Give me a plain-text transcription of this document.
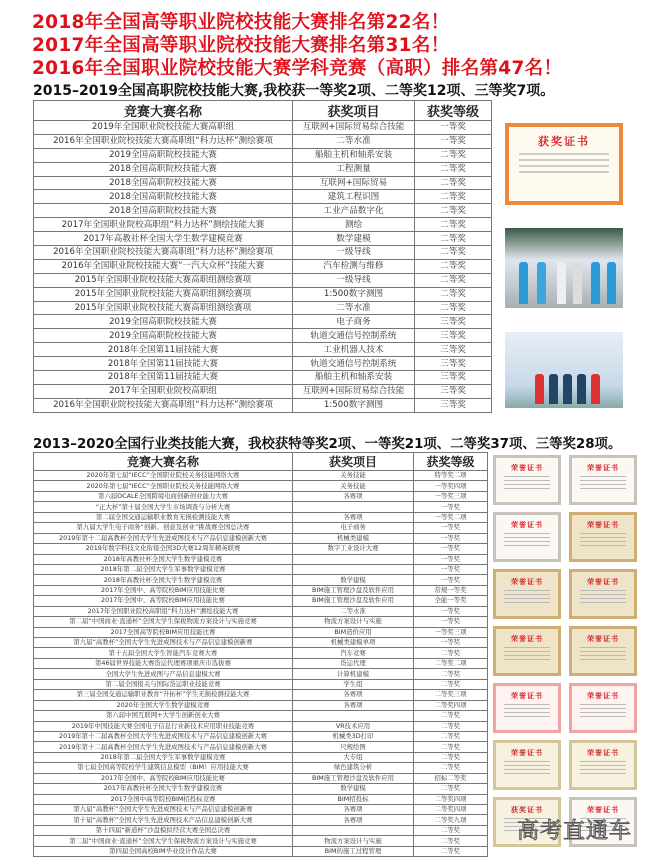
2018年全国高等职业院校技能大赛排名第22名！
2017年全国高等职业院校技能大赛排名第31名！
2016年全国职业院校技能大赛学科竞赛（高职）排名第47名！
2015–2019全国高职院校技能大赛,我校获一等奖2项、二等奖12项、三等奖7项。
竞赛大赛名称	获奖项目	获奖等级
2019年全国职业院校技能大赛高职组	互联网+国际贸易综合技能	一等奖
2016年全国职业院校技能大赛高职组“科力达杯”测绘赛项	二等水准	一等奖
2019全国高职院校技能大赛	船舶主机和轴系安装	二等奖
2018全国高职院校技能大赛	工程测量	二等奖
2018全国高职院校技能大赛	互联网+国际贸易	二等奖
2018全国高职院校技能大赛	建筑工程识图	二等奖
2018全国高职院校技能大赛	工业产品数字化	二等奖
2017年全国职业院校高职组“科力达杯”测绘技能大赛	测绘	二等奖
2017年高教社杯全国大学生数学建模竞赛	数学建模	二等奖
2016年全国职业院校技能大赛高职组“科力达杯”测绘赛项	一级导线	二等奖
2016年全国职业院校技能大赛“一汽大众杯”技能大赛	汽车检测与维修	二等奖
2015年全国职业院校技能大赛高职组测绘赛项	一级导线	二等奖
2015年全国职业院校技能大赛高职组测绘赛项	1:500数字测图	二等奖
2015年全国职业院校技能大赛高职组测绘赛项	二等水准	二等奖
2019全国高职院校技能大赛	电子商务	三等奖
2019全国高职院校技能大赛	轨道交通信号控制系统	三等奖
2018年全国第11届技能大赛	工业机器人技术	三等奖
2018年全国第11届技能大赛	轨道交通信号控制系统	三等奖
2018年全国第11届技能大赛	船舶主机和轴系安装	三等奖
2017年全国职业院校高职组	互联网+国际贸易综合技能	三等奖
2016年全国职业院校技能大赛高职组“科力达杯”测绘赛项	1:500数字测图	三等奖
获奖证书
2013–2020全国行业类技能大赛，我校获特等奖2项、一等奖21项、二等奖37项、三等奖28项。
竞赛大赛名称	获奖项目	获奖等级
2020年第七届“IECC”全国职业院校关务技能网络大赛	关务技能	特等奖二项
2020年第七届“IECC”全国职业院校关务技能网络大赛	关务技能	一等奖四项
第六届OCALE全国跨境电商创新创业能力大赛	各赛项	一等奖三项
“正大杯”第十届全国大学生市场调查与分析大赛		一等奖
第二届全国交通运输职业教育无损检测技能大赛	各赛项	一等奖二项
第九届大学生电子商务“创新、创意及创业”挑战赛全国总决赛	电子商务	一等奖
2019年第十二届高教杯全国大学生先进成图技术与产品信息建模创新大赛	机械类建模	一等奖
2019年数字科技文化衔接全国3D大赛12周年精英联赛	数字工业设计大赛	一等奖
2018年高教社杯全国大学生数学建模竞赛		一等奖
2018年第二届全国大学生军事数学建模竞赛		一等奖
2018年高教社杯全国大学生数学建模竞赛	数学建模	一等奖
2017年全国中、高等院校BIM应用技能比赛	BIM施工管理沙盘及软件应用	常规一等奖
2017年全国中、高等院校BIM应用技能比赛	BIM施工管理沙盘及软件应用	全能一等奖
2017年全国职业院校高职组“科力达杯”测绘技能大赛	二等水准	一等奖
第二届“中国商业·直通杯”全国大学生保税物流方案设计与实施竞赛	物流方案设计与实施	一等奖
2017全国高等院校BIM应用技能比赛	BIM造价应用	一等奖三项
第九届“高教杯”全国大学生先进成图技术与产品信息建模创新赛	机械类建模单项	一等奖
第十五届全国大学生智能汽车竞赛大赛	汽车竞赛	二等奖
第46届世界技能大赛货运代理赛项重庆市选拔赛	货运代理	二等奖二项
全国大学生先进成图与产品信息建模大赛	计算机建模	二等奖
第二届全国报关与国际货运职业技能竞赛	学生组	二等奖
第三届全国交通运输职业教育“升拓杯”学生无损检测技能大赛	各赛项	二等奖三项
2020年全国大学生数学建模竞赛	各赛项	二等奖四项
第六届中国互联网+大学生创新创业大赛		二等奖
2019年中国技能大赛全国电子信息行业新技术应用职业技能竞赛	VR技术应用	二等奖
2019年第十二届高教杯全国大学生先进成图技术与产品信息建模创新大赛	机械类3D打印	二等奖
2019年第十二届高教杯全国大学生先进成图技术与产品信息建模创新大赛	尺规绘图	二等奖
2018年第二届全国大学生军事数学建模竞赛	大专组	二等奖
第七届全国高等院校学生建筑信息模型（BIM）应用技能大赛	绿色建筑分析	二等奖
2017年全国中、高等院校BIM应用技能比赛	BIM施工管理沙盘及软件应用	招标二等奖
2017年高教社杯全国大学生数学建模竞赛	数学建模	二等奖
2017全国中高等院校BIM招投标竞赛	BIM招投标	二等奖四项
第九届“高教杯”全国大学生先进成图技术与产品信息建模创新赛	各赛项	二等奖四项
第十届“高教杯”全国大学生先进成图技术产品信息建模创新大赛	各赛项	二等奖九项
第十四届“新道杯”沙盘模拟经营大赛全国总决赛		二等奖
第二届“中国商业·直通杯”全国大学生保税物流方案设计与实施竞赛	物流方案设计与实施	二等奖
第四届全国高校BIM毕业设计作品大赛	BIM的施工过程管理	二等奖
荣誉证书	荣誉证书
荣誉证书	荣誉证书
荣誉证书	荣誉证书
荣誉证书	荣誉证书
荣誉证书	荣誉证书
荣誉证书	荣誉证书
获奖证书	荣誉证书
高考直通车
